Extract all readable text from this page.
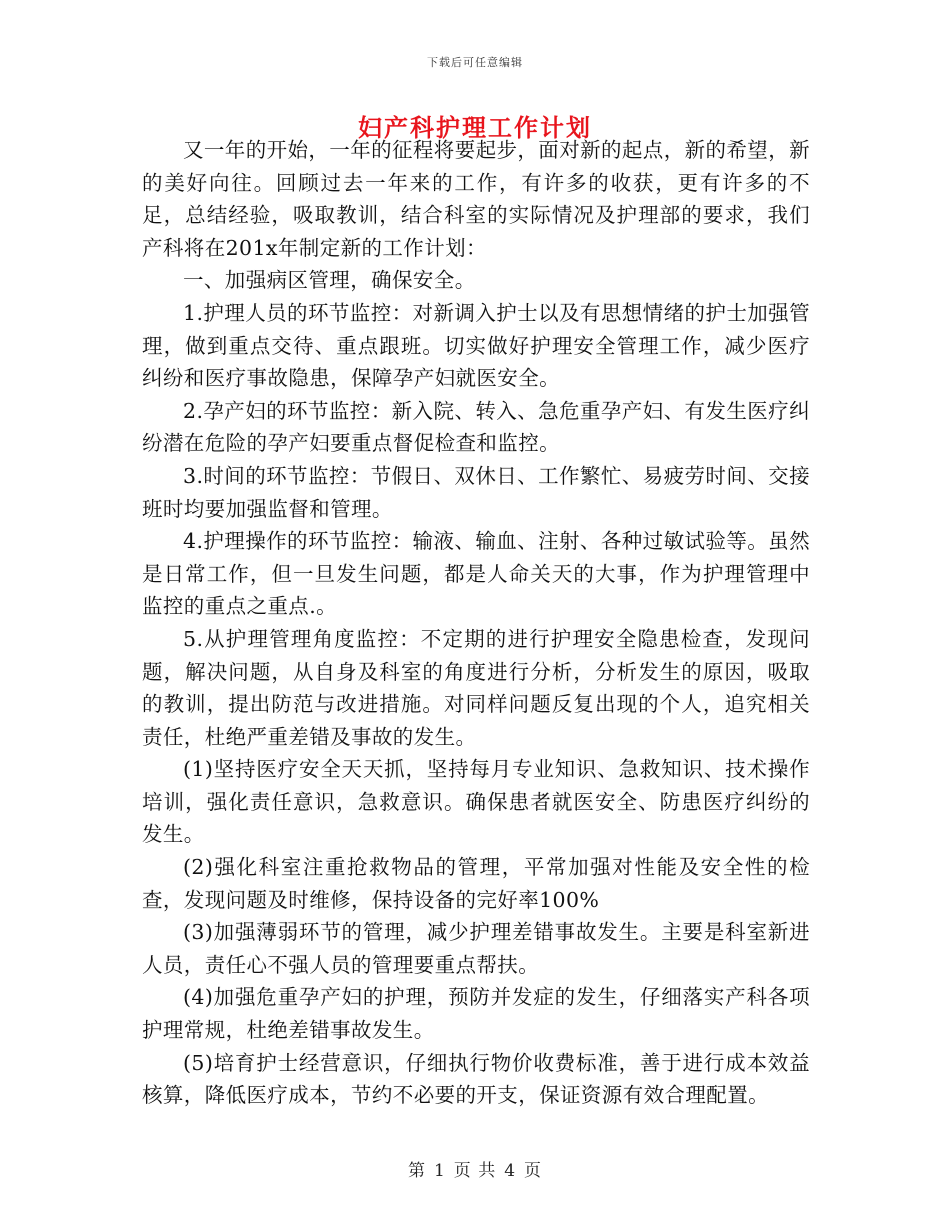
下载后可任意编辑
妇产科护理工作计划

又一年的开始，一年的征程将要起步，面对新的起点，新的希望，新的美好向往。回顾过去一年来的工作，有许多的收获，更有许多的不足，总结经验，吸取教训，结合科室的实际情况及护理部的要求，我们产科将在201x年制定新的工作计划：

一、加强病区管理，确保安全。

1.护理人员的环节监控：对新调入护士以及有思想情绪的护士加强管理，做到重点交待、重点跟班。切实做好护理安全管理工作，减少医疗纠纷和医疗事故隐患，保障孕产妇就医安全。

2.孕产妇的环节监控：新入院、转入、急危重孕产妇、有发生医疗纠纷潜在危险的孕产妇要重点督促检查和监控。

3.时间的环节监控：节假日、双休日、工作繁忙、易疲劳时间、交接班时均要加强监督和管理。

4.护理操作的环节监控：输液、输血、注射、各种过敏试验等。虽然是日常工作，但一旦发生问题，都是人命关天的大事，作为护理管理中监控的重点之重点.。

5.从护理管理角度监控：不定期的进行护理安全隐患检查，发现问题，解决问题，从自身及科室的角度进行分析，分析发生的原因，吸取的教训，提出防范与改进措施。对同样问题反复出现的个人，追究相关责任，杜绝严重差错及事故的发生。

(1)坚持医疗安全天天抓，坚持每月专业知识、急救知识、技术操作培训，强化责任意识，急救意识。确保患者就医安全、防患医疗纠纷的发生。

(2)强化科室注重抢救物品的管理，平常加强对性能及安全性的检查，发现问题及时维修，保持设备的完好率100%

(3)加强薄弱环节的管理，减少护理差错事故发生。主要是科室新进人员，责任心不强人员的管理要重点帮扶。

(4)加强危重孕产妇的护理，预防并发症的发生，仔细落实产科各项护理常规，杜绝差错事故发生。

(5)培育护士经营意识，仔细执行物价收费标准，善于进行成本效益核算，降低医疗成本，节约不必要的开支，保证资源有效合理配置。

第 1 页 共 4 页
